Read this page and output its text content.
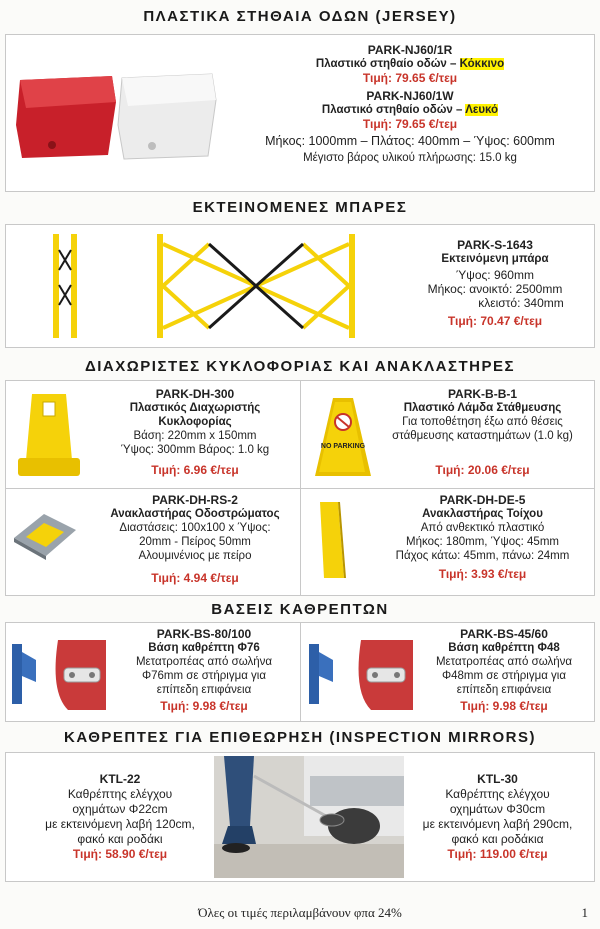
ΠΛΑΣΤΙΚΑ ΣΤΗΘΑΙΑ ΟΔΩΝ (JERSEY)
PARK-NJ60/1R
Πλαστικό στηθαίο οδών – Κόκκινο
Τιμή: 79.65 €/τεμ
PARK-NJ60/1W
Πλαστικό στηθαίο οδών – Λευκό
Τιμή: 79.65 €/τεμ
Μήκος: 1000mm – Πλάτος: 400mm – Ύψος: 600mm
Μέγιστο βάρος υλικού πλήρωσης: 15.0 kg
ΕΚΤΕΙΝΟΜΕΝΕΣ ΜΠΑΡΕΣ
PARK-S-1643
Εκτεινόμενη μπάρα
Ύψος: 960mm
Μήκος: ανοικτό: 2500mm
κλειστό: 340mm
Τιμή: 70.47 €/τεμ
ΔΙΑΧΩΡΙΣΤΕΣ ΚΥΚΛΟΦΟΡΙΑΣ ΚΑΙ ΑΝΑΚΛΑΣΤΗΡΕΣ
PARK-DH-300
Πλαστικός Διαχωριστής
Κυκλοφορίας
Βάση: 220mm x 150mm
Ύψος: 300mm Βάρος: 1.0 kg
Τιμή: 6.96 €/τεμ
NO PARKING
PARK-B-B-1
Πλαστικό Λάμδα Στάθμευσης
Για τοποθέτηση έξω από θέσεις
στάθμευσης καταστημάτων (1.0 kg)
Τιμή: 20.06 €/τεμ
PARK-DH-RS-2
Ανακλαστήρας Οδοστρώματος
Διαστάσεις: 100x100 x Ύψος:
20mm - Πείρος 50mm
Αλουμινένιος με πείρο
Τιμή: 4.94 €/τεμ
PARK-DH-DE-5
Ανακλαστήρας Τοίχου
Από ανθεκτικό πλαστικό
Μήκος: 180mm, Ύψος: 45mm
Πάχος κάτω: 45mm, πάνω: 24mm
Τιμή: 3.93 €/τεμ
ΒΑΣΕΙΣ ΚΑΘΡΕΠΤΩΝ
PARK-BS-80/100
Βάση καθρέπτη Φ76
Μετατροπέας από σωλήνα
Φ76mm σε στήριγμα για
επίπεδη επιφάνεια
Τιμή: 9.98 €/τεμ
PARK-BS-45/60
Βάση καθρέπτη Φ48
Μετατροπέας από σωλήνα
Φ48mm σε στήριγμα για
επίπεδη επιφάνεια
Τιμή: 9.98 €/τεμ
ΚΑΘΡΕΠΤΕΣ ΓΙΑ ΕΠΙΘΕΩΡΗΣΗ (INSPECTION MIRRORS)
KTL-22
Καθρέπτης ελέγχου
οχημάτων Φ22cm
με εκτεινόμενη λαβή 120cm,
φακό και ροδάκι
Τιμή: 58.90 €/τεμ
KTL-30
Καθρέπτης ελέγχου
οχημάτων Φ30cm
με εκτεινόμενη λαβή 290cm,
φακό και ροδάκια
Τιμή: 119.00 €/τεμ
Όλες οι τιμές περιλαμβάνουν φπα 24%	1
